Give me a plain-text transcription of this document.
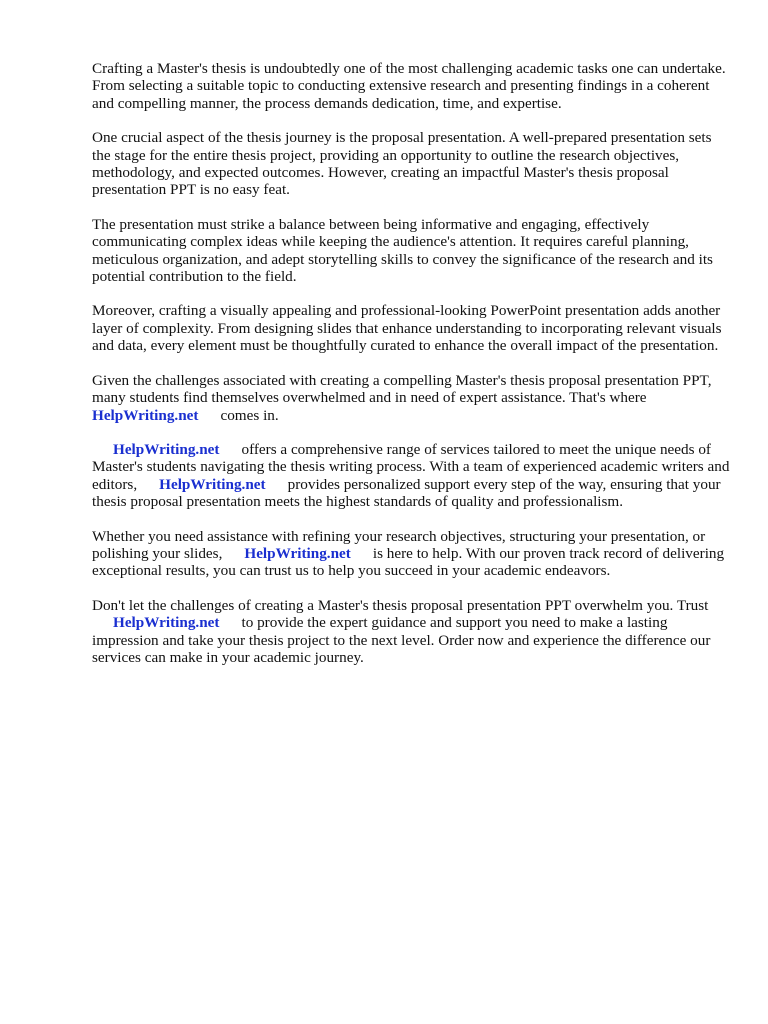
Crafting a Master's thesis is undoubtedly one of the most challenging academic tasks one can undertake. From selecting a suitable topic to conducting extensive research and presenting findings in a coherent and compelling manner, the process demands dedication, time, and expertise.

One crucial aspect of the thesis journey is the proposal presentation. A well-prepared presentation sets the stage for the entire thesis project, providing an opportunity to outline the research objectives, methodology, and expected outcomes. However, creating an impactful Master's thesis proposal presentation PPT is no easy feat.

The presentation must strike a balance between being informative and engaging, effectively communicating complex ideas while keeping the audience's attention. It requires careful planning, meticulous organization, and adept storytelling skills to convey the significance of the research and its potential contribution to the field.

Moreover, crafting a visually appealing and professional-looking PowerPoint presentation adds another layer of complexity. From designing slides that enhance understanding to incorporating relevant visuals and data, every element must be thoughtfully curated to enhance the overall impact of the presentation.

Given the challenges associated with creating a compelling Master's thesis proposal presentation PPT, many students find themselves overwhelmed and in need of expert assistance. That's where
HelpWriting.net comes in.

HelpWriting.net offers a comprehensive range of services tailored to meet the unique needs of Master's students navigating the thesis writing process. With a team of experienced academic writers and editors, HelpWriting.net provides personalized support every step of the way, ensuring that your thesis proposal presentation meets the highest standards of quality and professionalism.

Whether you need assistance with refining your research objectives, structuring your presentation, or polishing your slides, HelpWriting.net is here to help. With our proven track record of delivering exceptional results, you can trust us to help you succeed in your academic endeavors.

Don't let the challenges of creating a Master's thesis proposal presentation PPT overwhelm you. Trust
HelpWriting.net to provide the expert guidance and support you need to make a lasting impression and take your thesis project to the next level. Order now and experience the difference our services can make in your academic journey.
